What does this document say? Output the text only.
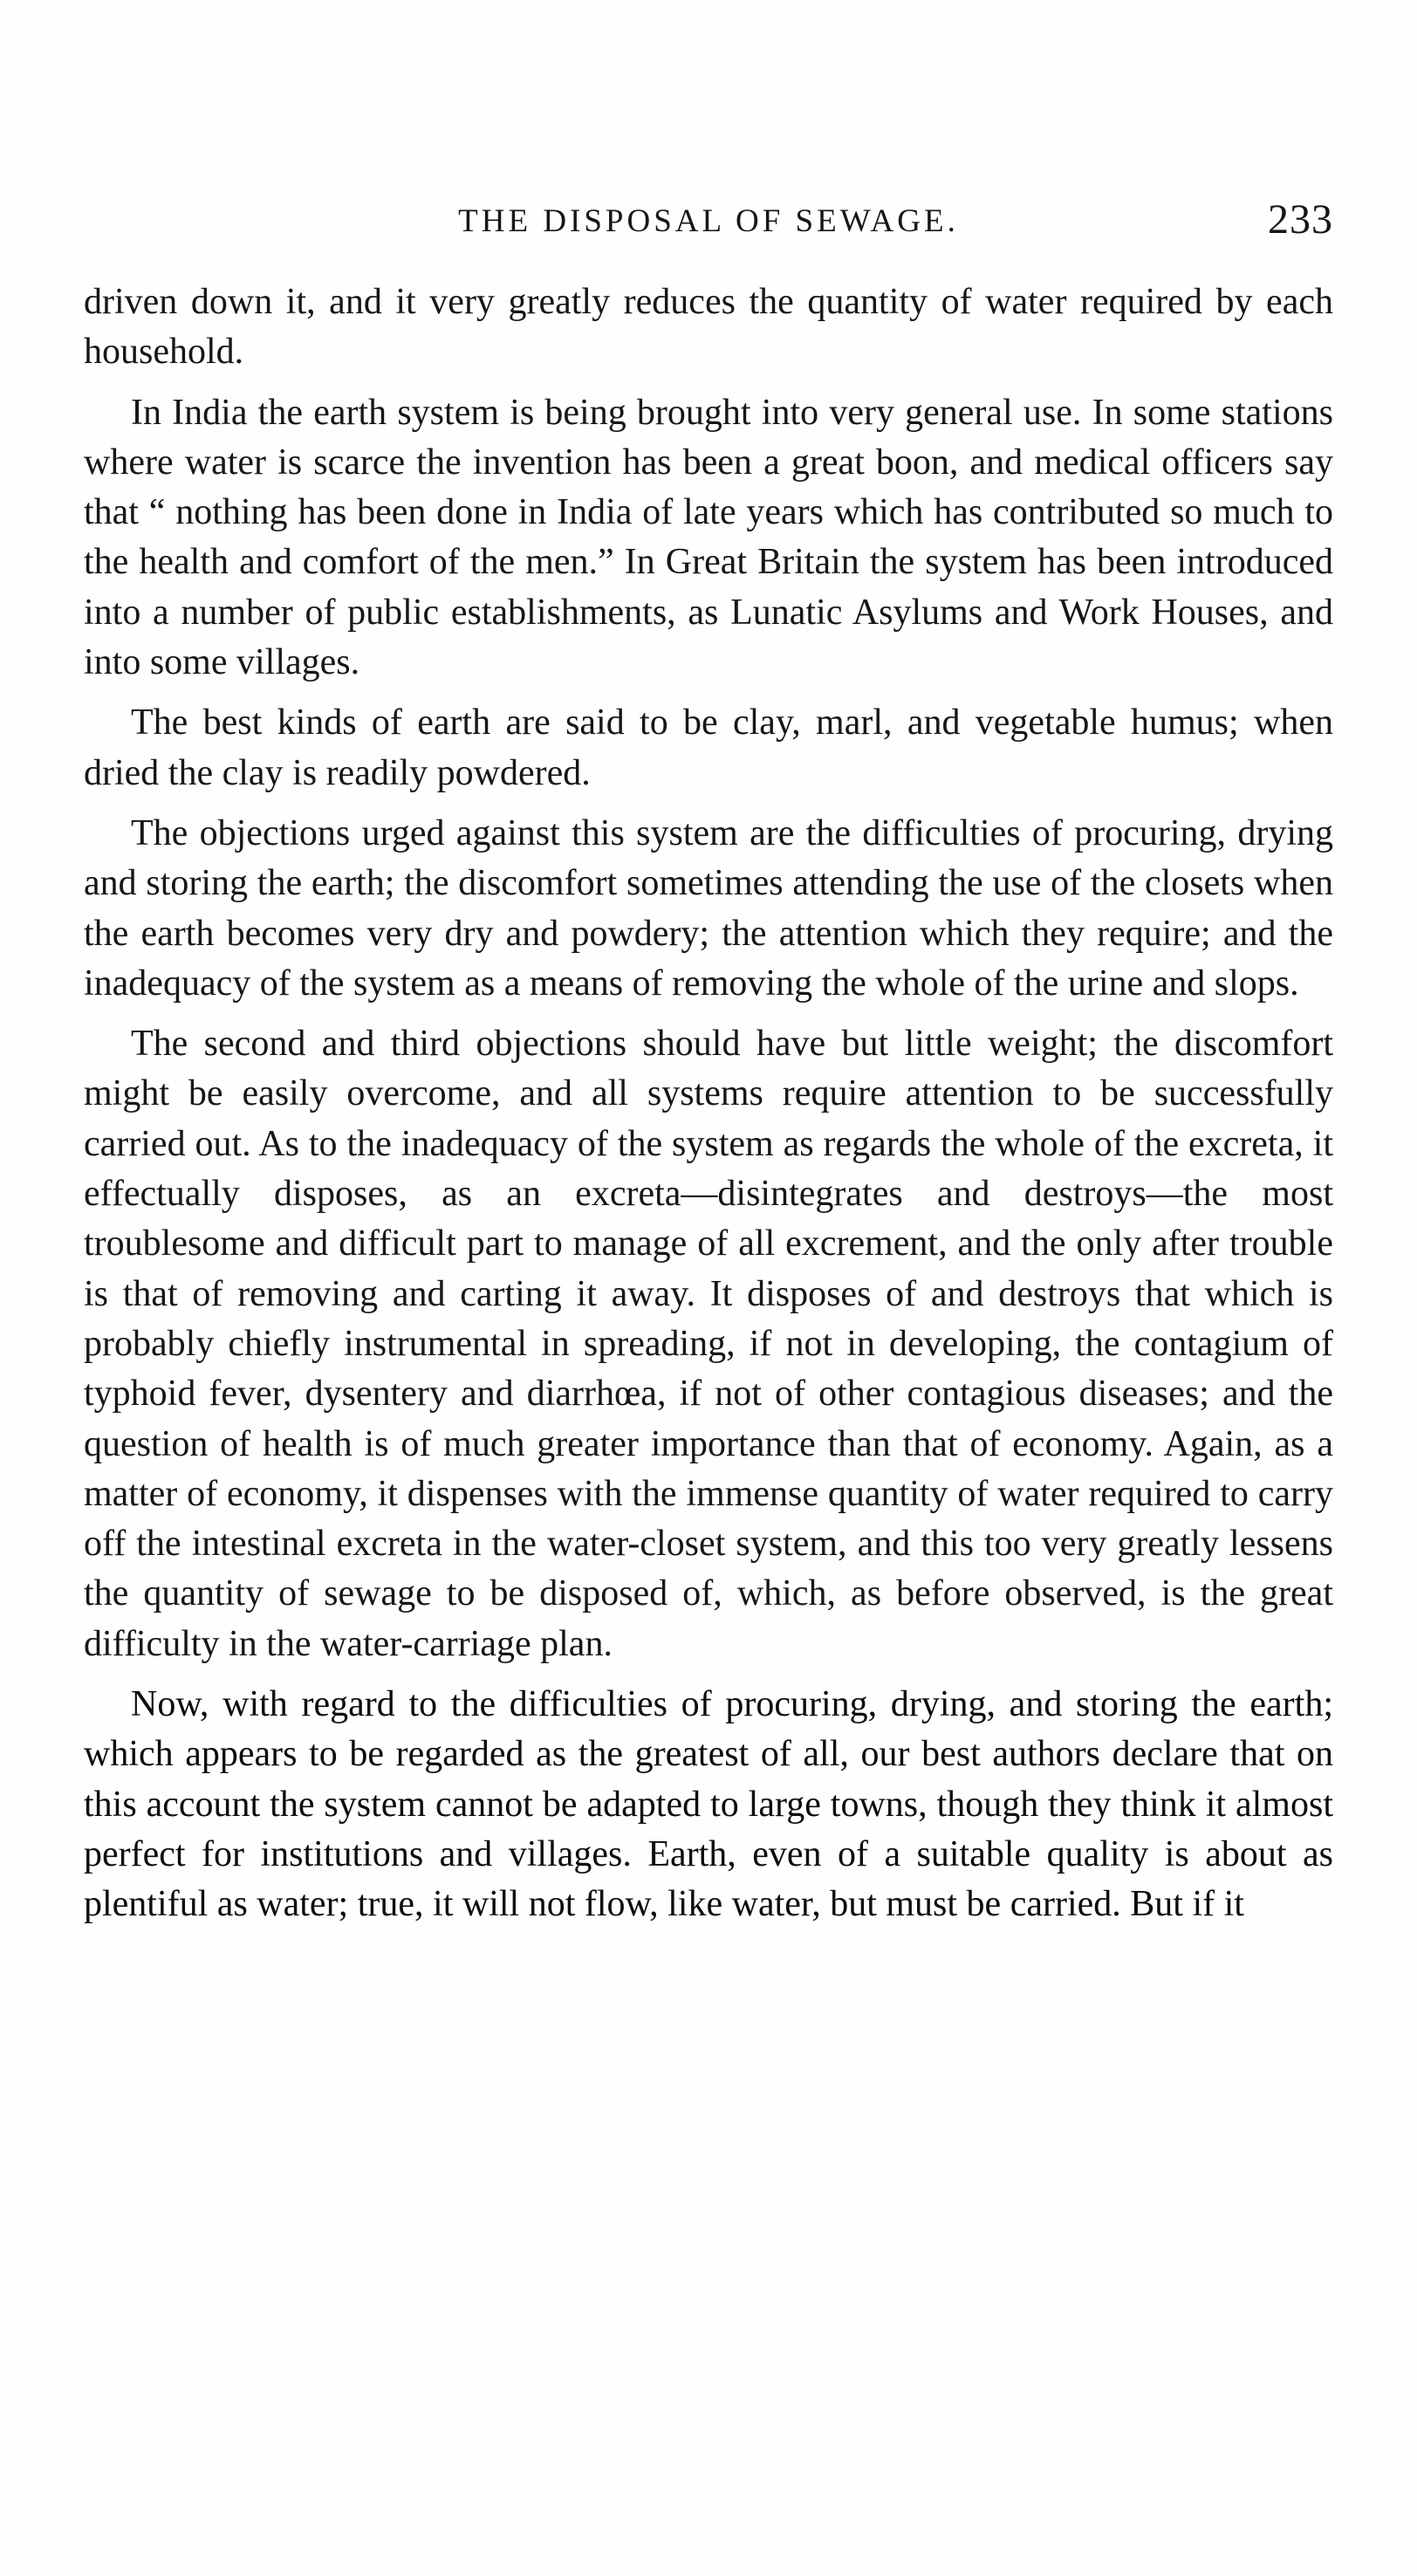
THE DISPOSAL OF SEWAGE.	233

driven down it, and it very greatly reduces the quantity of water required by each household.

In India the earth system is being brought into very general use. In some stations where water is scarce the invention has been a great boon, and medical officers say that “ nothing has been done in India of late years which has contributed so much to the health and comfort of the men.” In Great Britain the system has been introduced into a number of public establishments, as Lunatic Asylums and Work Houses, and into some villages.

The best kinds of earth are said to be clay, marl, and vegetable humus; when dried the clay is readily powdered.

The objections urged against this system are the difficulties of procuring, drying and storing the earth; the discomfort sometimes attending the use of the closets when the earth becomes very dry and powdery; the attention which they require; and the inadequacy of the system as a means of removing the whole of the urine and slops.

The second and third objections should have but little weight; the discomfort might be easily overcome, and all systems require attention to be successfully carried out. As to the inadequacy of the system as regards the whole of the excreta, it effectually disposes, as an excreta—disintegrates and destroys—the most troublesome and difficult part to manage of all excrement, and the only after trouble is that of removing and carting it away. It disposes of and destroys that which is probably chiefly instrumental in spreading, if not in developing, the contagium of typhoid fever, dysentery and diarrhœa, if not of other contagious diseases; and the question of health is of much greater importance than that of economy. Again, as a matter of economy, it dispenses with the immense quantity of water required to carry off the intestinal excreta in the water-closet system, and this too very greatly lessens the quantity of sewage to be disposed of, which, as before observed, is the great difficulty in the water-carriage plan.

Now, with regard to the difficulties of procuring, drying, and storing the earth; which appears to be regarded as the greatest of all, our best authors declare that on this account the system cannot be adapted to large towns, though they think it almost perfect for institutions and villages. Earth, even of a suitable quality is about as plentiful as water; true, it will not flow, like water, but must be carried. But if it
